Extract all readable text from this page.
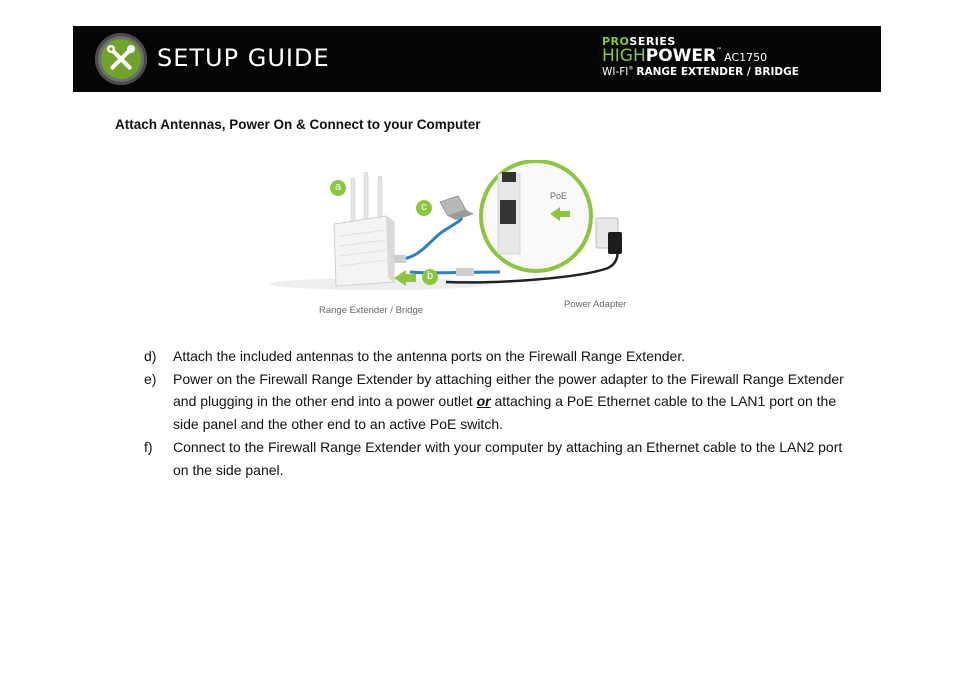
SETUP GUIDE
PROSERIES
HIGHPOWER™AC1750
WI-FI® RANGE EXTENDER / BRIDGE
Attach Antennas, Power On & Connect to your Computer
a
c
b
PoE
Range Extender / Bridge
Power Adapter
d) Attach the included antennas to the antenna ports on the Firewall Range Extender.
e) Power on the Firewall Range Extender by attaching either the power adapter to the Firewall Range Extender and plugging in the other end into a power outlet or attaching a PoE Ethernet cable to the LAN1 port on the side panel and the other end to an active PoE switch.
f) Connect to the Firewall Range Extender with your computer by attaching an Ethernet cable to the LAN2 port on the side panel.
